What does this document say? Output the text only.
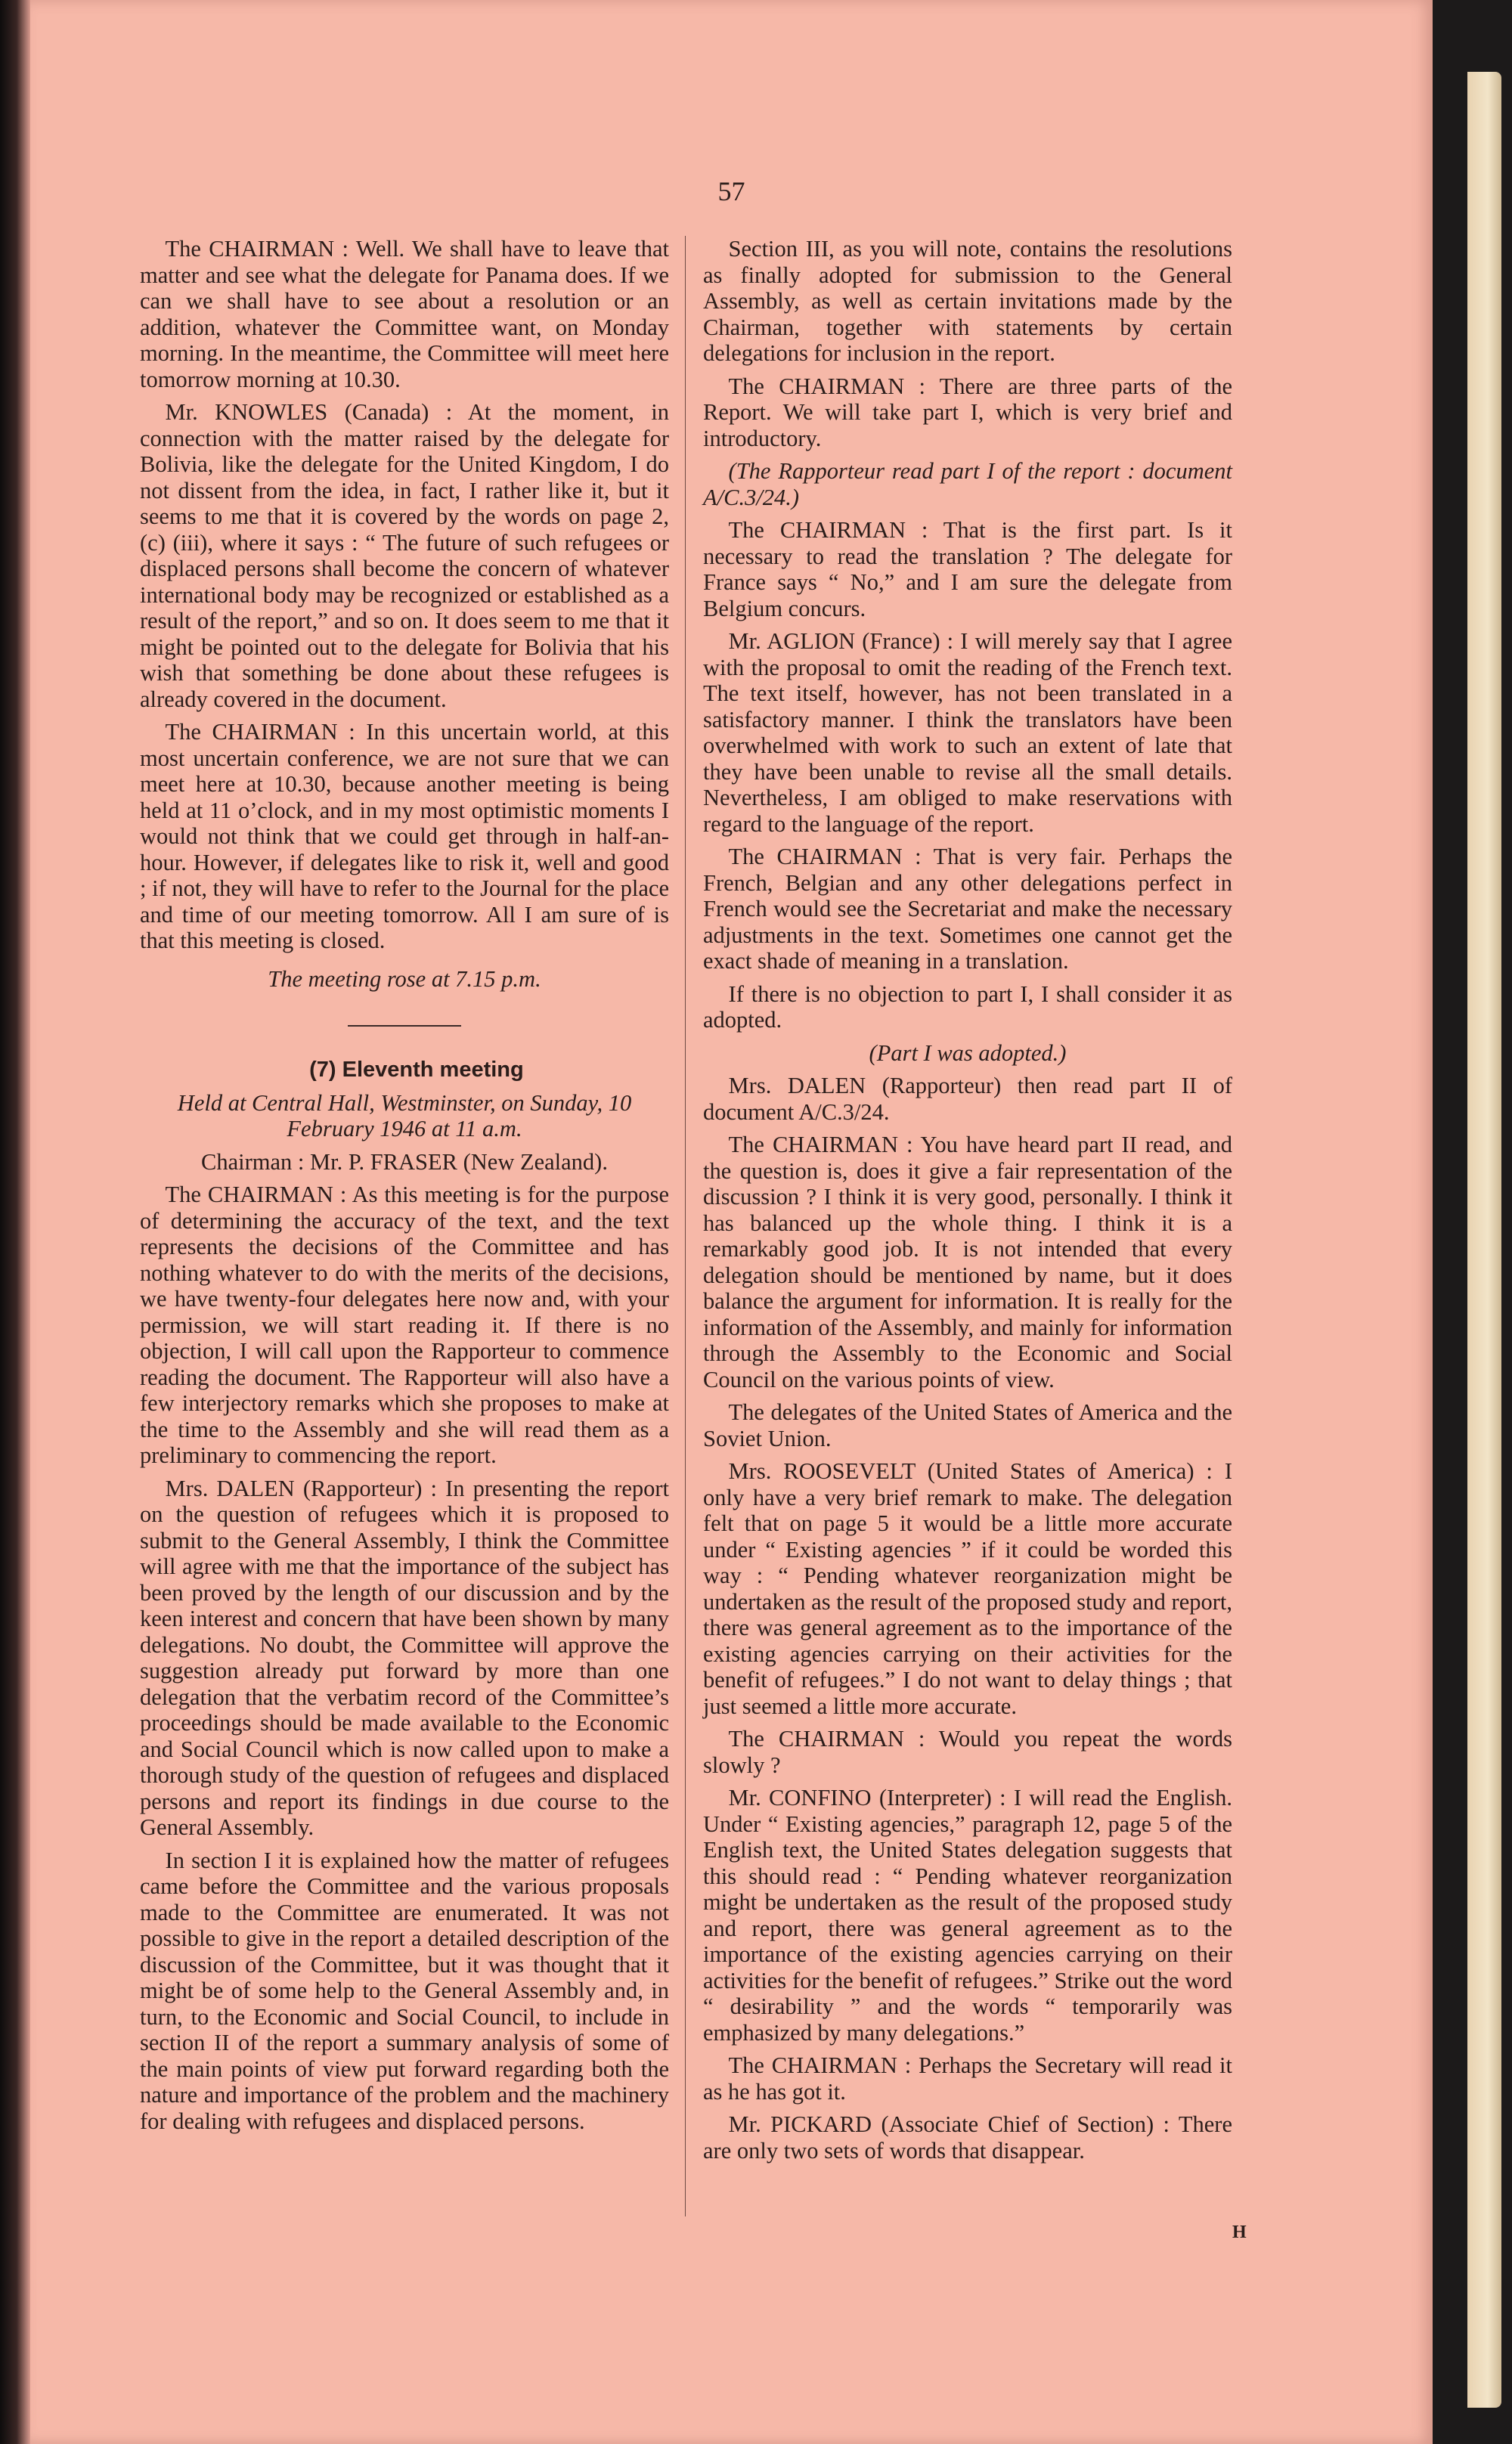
57

The CHAIRMAN : Well. We shall have to leave that matter and see what the delegate for Panama does. If we can we shall have to see about a resolution or an addition, whatever the Committee want, on Monday morning. In the meantime, the Committee will meet here tomorrow morning at 10.30.

Mr. KNOWLES (Canada) : At the moment, in connection with the matter raised by the delegate for Bolivia, like the delegate for the United Kingdom, I do not dissent from the idea, in fact, I rather like it, but it seems to me that it is covered by the words on page 2, (c) (iii), where it says : “ The future of such refugees or displaced persons shall become the concern of whatever international body may be recognized or established as a result of the report,” and so on. It does seem to me that it might be pointed out to the delegate for Bolivia that his wish that something be done about these refugees is already covered in the document.

The CHAIRMAN : In this uncertain world, at this most uncertain conference, we are not sure that we can meet here at 10.30, because another meeting is being held at 11 o’clock, and in my most optimistic moments I would not think that we could get through in half-an-hour. However, if delegates like to risk it, well and good ; if not, they will have to refer to the Journal for the place and time of our meeting tomorrow. All I am sure of is that this meeting is closed.

The meeting rose at 7.15 p.m.

(7) Eleventh meeting

Held at Central Hall, Westminster, on Sunday, 10 February 1946 at 11 a.m.

Chairman : Mr. P. FRASER (New Zealand).

The CHAIRMAN : As this meeting is for the purpose of determining the accuracy of the text, and the text represents the decisions of the Committee and has nothing whatever to do with the merits of the decisions, we have twenty-four delegates here now and, with your permission, we will start reading it. If there is no objection, I will call upon the Rapporteur to commence reading the document. The Rapporteur will also have a few interjectory remarks which she proposes to make at the time to the Assembly and she will read them as a preliminary to commencing the report.

Mrs. DALEN (Rapporteur) : In presenting the report on the question of refugees which it is proposed to submit to the General Assembly, I think the Committee will agree with me that the importance of the subject has been proved by the length of our discussion and by the keen interest and concern that have been shown by many delegations. No doubt, the Committee will approve the suggestion already put forward by more than one delegation that the verbatim record of the Committee’s proceedings should be made available to the Economic and Social Council which is now called upon to make a thorough study of the question of refugees and displaced persons and report its findings in due course to the General Assembly.

In section I it is explained how the matter of refugees came before the Committee and the various proposals made to the Committee are enumerated. It was not possible to give in the report a detailed description of the discussion of the Committee, but it was thought that it might be of some help to the General Assembly and, in turn, to the Economic and Social Council, to include in section II of the report a summary analysis of some of the main points of view put forward regarding both the nature and importance of the problem and the machinery for dealing with refugees and displaced persons.

Section III, as you will note, contains the resolutions as finally adopted for submission to the General Assembly, as well as certain invitations made by the Chairman, together with statements by certain delegations for inclusion in the report.

The CHAIRMAN : There are three parts of the Report. We will take part I, which is very brief and introductory.

(The Rapporteur read part I of the report : document A/C.3/24.)

The CHAIRMAN : That is the first part. Is it necessary to read the translation ? The delegate for France says “ No,” and I am sure the delegate from Belgium concurs.

Mr. AGLION (France) : I will merely say that I agree with the proposal to omit the reading of the French text. The text itself, however, has not been translated in a satisfactory manner. I think the translators have been overwhelmed with work to such an extent of late that they have been unable to revise all the small details. Nevertheless, I am obliged to make reservations with regard to the language of the report.

The CHAIRMAN : That is very fair. Perhaps the French, Belgian and any other delegations perfect in French would see the Secretariat and make the necessary adjustments in the text. Sometimes one cannot get the exact shade of meaning in a translation.

If there is no objection to part I, I shall consider it as adopted.

(Part I was adopted.)

Mrs. DALEN (Rapporteur) then read part II of document A/C.3/24.

The CHAIRMAN : You have heard part II read, and the question is, does it give a fair representation of the discussion ? I think it is very good, personally. I think it has balanced up the whole thing. I think it is a remarkably good job. It is not intended that every delegation should be mentioned by name, but it does balance the argument for information. It is really for the information of the Assembly, and mainly for information through the Assembly to the Economic and Social Council on the various points of view.

The delegates of the United States of America and the Soviet Union.

Mrs. ROOSEVELT (United States of America) : I only have a very brief remark to make. The delegation felt that on page 5 it would be a little more accurate under “ Existing agencies ” if it could be worded this way : “ Pending whatever reorganization might be undertaken as the result of the proposed study and report, there was general agreement as to the importance of the existing agencies carrying on their activities for the benefit of refugees.” I do not want to delay things ; that just seemed a little more accurate.

The CHAIRMAN : Would you repeat the words slowly ?

Mr. CONFINO (Interpreter) : I will read the English. Under “ Existing agencies,” paragraph 12, page 5 of the English text, the United States delegation suggests that this should read : “ Pending whatever reorganization might be undertaken as the result of the proposed study and report, there was general agreement as to the importance of the existing agencies carrying on their activities for the benefit of refugees.” Strike out the word “ desirability ” and the words “ temporarily was emphasized by many delegations.”

The CHAIRMAN : Perhaps the Secretary will read it as he has got it.

Mr. PICKARD (Associate Chief of Section) : There are only two sets of words that disappear.

H
